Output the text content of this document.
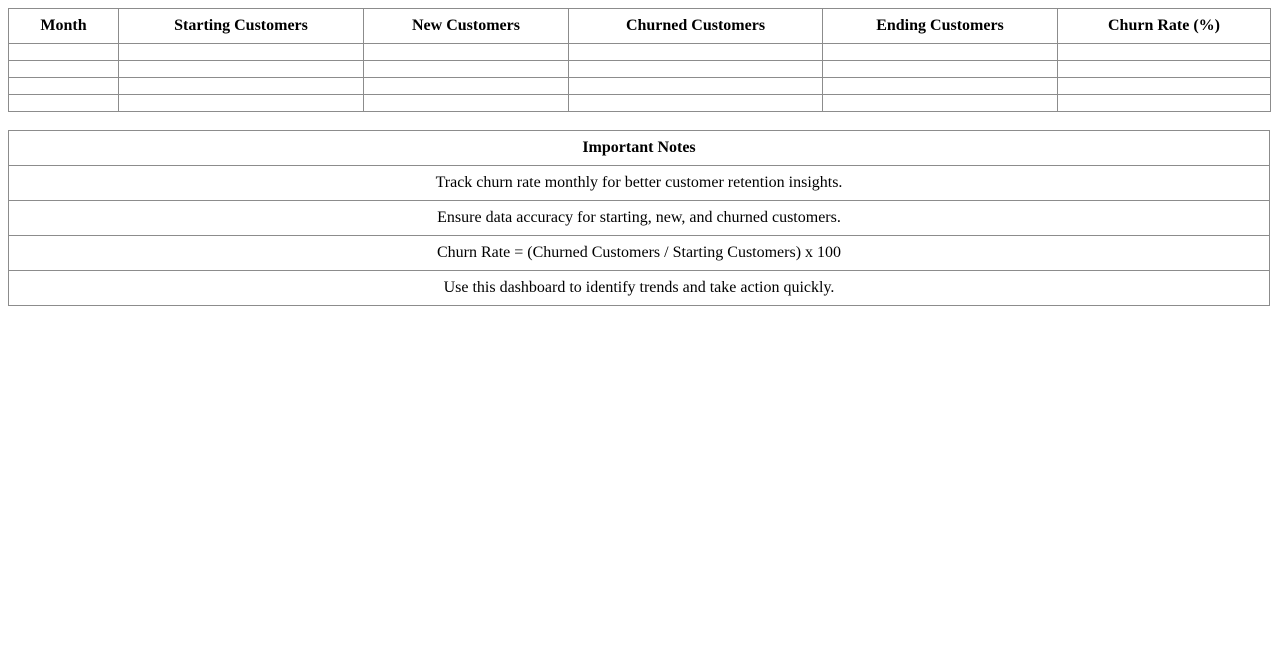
Month	Starting Customers	New Customers	Churned Customers	Ending Customers	Churn Rate (%)

Important Notes
Track churn rate monthly for better customer retention insights.
Ensure data accuracy for starting, new, and churned customers.
Churn Rate = (Churned Customers / Starting Customers) x 100
Use this dashboard to identify trends and take action quickly.
